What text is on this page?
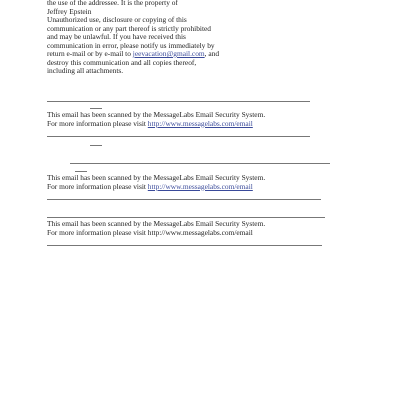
the use of the addressee. It is the property of
Jeffrey Epstein
Unauthorized use, disclosure or copying of this
communication or any part thereof is strictly prohibited
and may be unlawful. If you have received this
communication in error, please notify us immediately by
return e-mail or by e-mail to jeevacation@gmail.com, and
destroy this communication and all copies thereof,
including all attachments.
This email has been scanned by the MessageLabs Email Security System.
For more information please visit http://www.messagelabs.com/email
This email has been scanned by the MessageLabs Email Security System.
For more information please visit http://www.messagelabs.com/email
This email has been scanned by the MessageLabs Email Security System.
For more information please visit http://www.messagelabs.com/email
